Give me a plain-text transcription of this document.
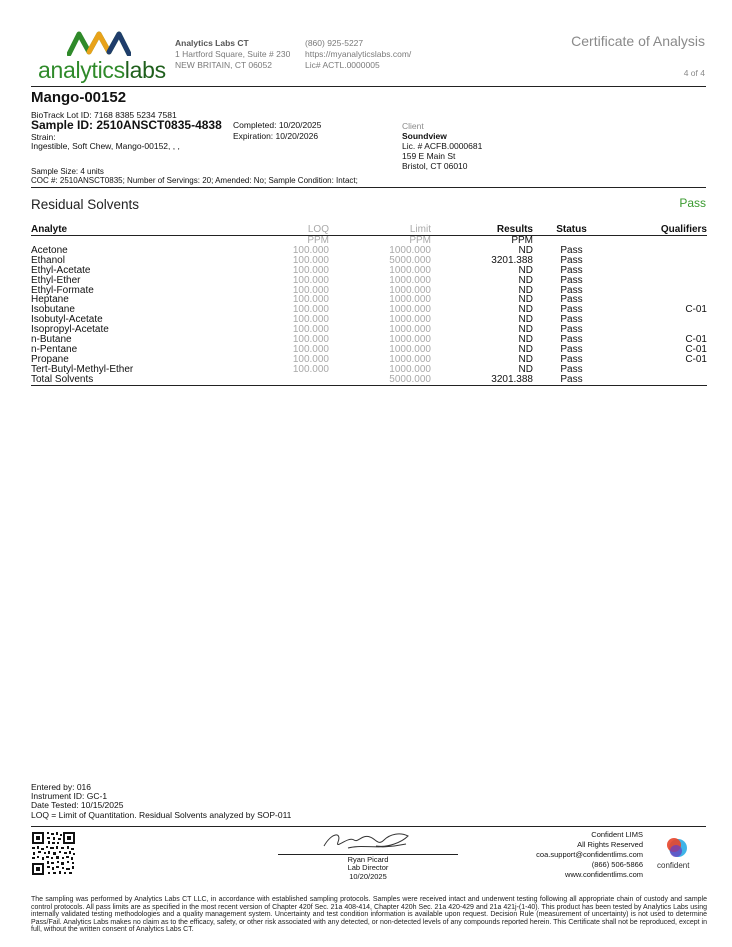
analyticslabs
Analytics Labs CT
1 Hartford Square, Suite # 230
NEW BRITAIN, CT 06052
(860) 925-5227
https://myanalyticslabs.com/
Lic# ACTL.0000005
Certificate of Analysis
4 of 4
Mango-00152
BioTrack Lot ID: 7168 8385 5234 7581
Sample ID: 2510ANSCT0835-4838
Strain:
Ingestible, Soft Chew, Mango-00152, , ,
Completed: 10/20/2025
Expiration: 10/20/2026
Client
Soundview
Lic. # ACFB.0000681
159 E Main St
Bristol, CT 06010
Sample Size: 4 units
COC #: 2510ANSCT0835; Number of Servings: 20; Amended: No; Sample Condition: Intact;
Residual Solvents	Pass
Analyte	LOQ	Limit	Results	Status	Qualifiers
	PPM	PPM	PPM		
Acetone	100.000	1000.000	ND	Pass	
Ethanol	100.000	5000.000	3201.388	Pass	
Ethyl-Acetate	100.000	1000.000	ND	Pass	
Ethyl-Ether	100.000	1000.000	ND	Pass	
Ethyl-Formate	100.000	1000.000	ND	Pass	
Heptane	100.000	1000.000	ND	Pass	
Isobutane	100.000	1000.000	ND	Pass	C-01
Isobutyl-Acetate	100.000	1000.000	ND	Pass	
Isopropyl-Acetate	100.000	1000.000	ND	Pass	
n-Butane	100.000	1000.000	ND	Pass	C-01
n-Pentane	100.000	1000.000	ND	Pass	C-01
Propane	100.000	1000.000	ND	Pass	C-01
Tert-Butyl-Methyl-Ether	100.000	1000.000	ND	Pass	
Total Solvents		5000.000	3201.388	Pass	
Entered by: 016
Instrument ID: GC-1
Date Tested: 10/15/2025
LOQ = Limit of Quantitation. Residual Solvents analyzed by SOP-011
Ryan Picard
Lab Director
10/20/2025
Confident LIMS
All Rights Reserved
coa.support@confidentlims.com
(866) 506-5866
www.confidentlims.com
confident
The sampling was performed by Analytics Labs CT LLC, in accordance with established sampling protocols. Samples were received intact and underwent testing following all appropriate chain of custody and sample control protocols. All pass limits are as specified in the most recent version of Chapter 420f Sec. 21a 408-414, Chapter 420h Sec. 21a 420-429 and 21a 421j-(1-40). This product has been tested by Analytics Labs using internally validated testing methodologies and a quality management system. Uncertainty and test condition information is available upon request. Decision Rule (measurement of uncertainty) is not used to determine Pass/Fail. Analytics Labs makes no claim as to the efficacy, safety, or other risk associated with any detected, or non-detected levels of any compounds reported herein. This Certificate shall not be reproduced, except in full, without the written consent of Analytics Labs CT.
